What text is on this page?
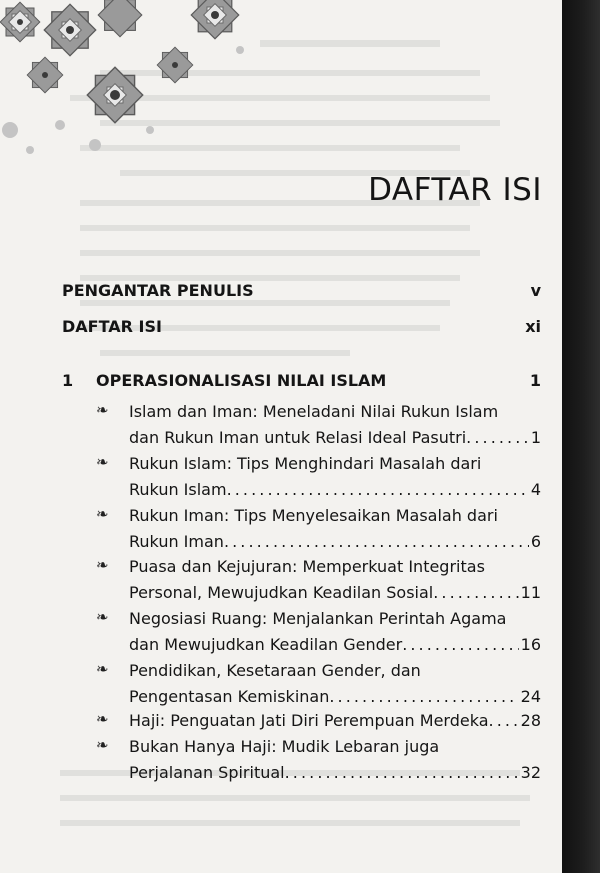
DAFTAR ISI
PENGANTAR PENULIS	v
DAFTAR ISI	xi
1	OPERASIONALISASI NILAI ISLAM	1
❧	Islam dan Iman: Meneladani Nilai Rukun Islam
dan Rukun Iman untuk Relasi Ideal Pasutri . . .	1
❧	Rukun Islam: Tips Menghindari Masalah dari
Rukun Islam . . .	4
❧	Rukun Iman: Tips Menyelesaikan Masalah dari
Rukun Iman . . .	6
❧	Puasa dan Kejujuran: Memperkuat Integritas
Personal, Mewujudkan Keadilan Sosial . . .	11
❧	Negosiasi Ruang: Menjalankan Perintah Agama
dan Mewujudkan Keadilan Gender . . .	16
❧	Pendidikan, Kesetaraan Gender, dan
Pengentasan Kemiskinan . . .	24
❧	Haji: Penguatan Jati Diri Perempuan Merdeka . . . 28
❧	Bukan Hanya Haji: Mudik Lebaran juga
Perjalanan Spiritual . . .	32
